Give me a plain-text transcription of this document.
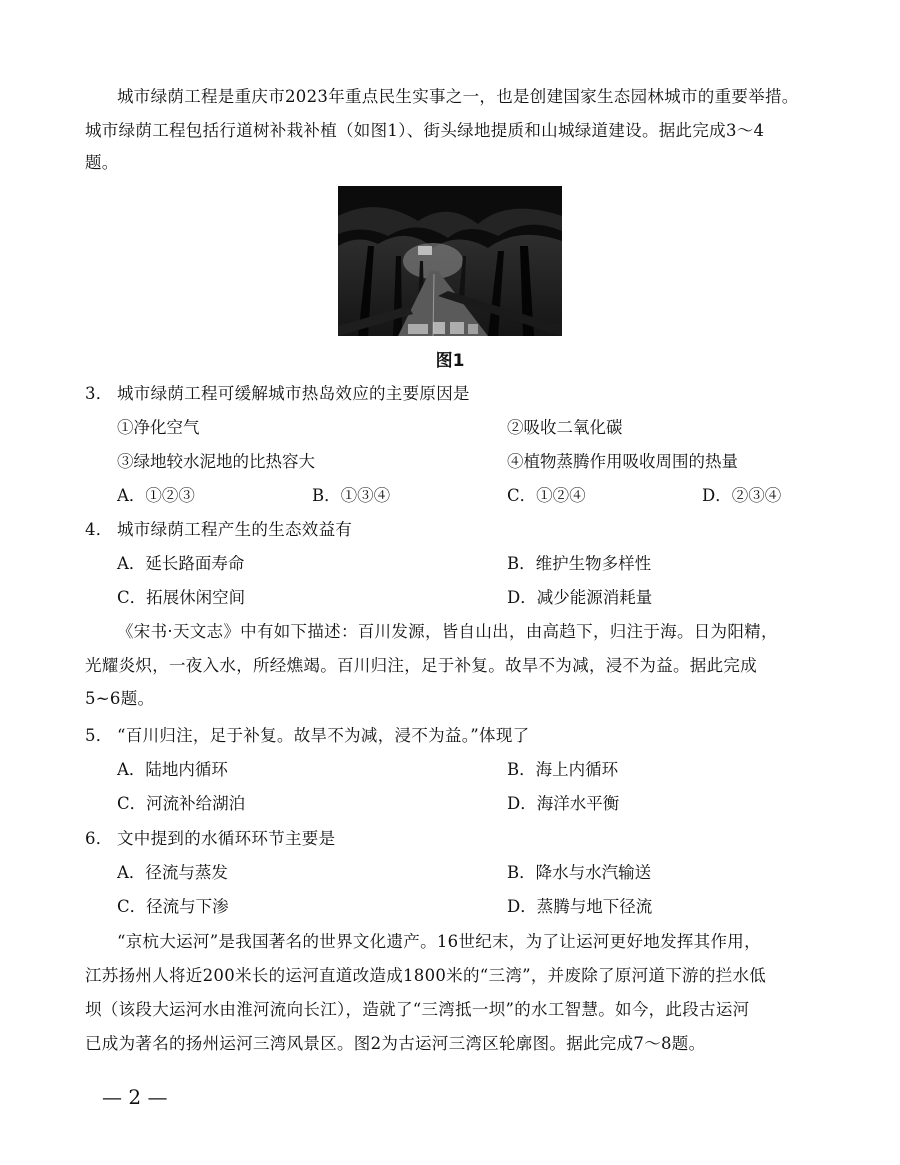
城市绿荫工程是重庆市2023年重点民生实事之一，也是创建国家生态园林城市的重要举措。
城市绿荫工程包括行道树补栽补植（如图1）、街头绿地提质和山城绿道建设。据此完成3～4
题。
图1
3． 城市绿荫工程可缓解城市热岛效应的主要原因是
①净化空气	②吸收二氧化碳
③绿地较水泥地的比热容大	④植物蒸腾作用吸收周围的热量
A．①②③	B．①③④	C．①②④	D．②③④
4． 城市绿荫工程产生的生态效益有
A．延长路面寿命	B．维护生物多样性
C．拓展休闲空间	D．减少能源消耗量
《宋书·天文志》中有如下描述：百川发源，皆自山出，由高趋下，归注于海。日为阳精，
光耀炎炽，一夜入水，所经燋竭。百川归注，足于补复。故旱不为减，浸不为益。据此完成
5~6题。
5． “百川归注，足于补复。故旱不为减，浸不为益。”体现了
A．陆地内循环	B．海上内循环
C．河流补给湖泊	D．海洋水平衡
6． 文中提到的水循环环节主要是
A．径流与蒸发	B．降水与水汽输送
C．径流与下渗	D．蒸腾与地下径流
“京杭大运河”是我国著名的世界文化遗产。16世纪末，为了让运河更好地发挥其作用，
江苏扬州人将近200米长的运河直道改造成1800米的“三湾”，并废除了原河道下游的拦水低
坝（该段大运河水由淮河流向长江），造就了“三湾抵一坝”的水工智慧。如今，此段古运河
已成为著名的扬州运河三湾风景区。图2为古运河三湾区轮廓图。据此完成7～8题。
— 2 —
